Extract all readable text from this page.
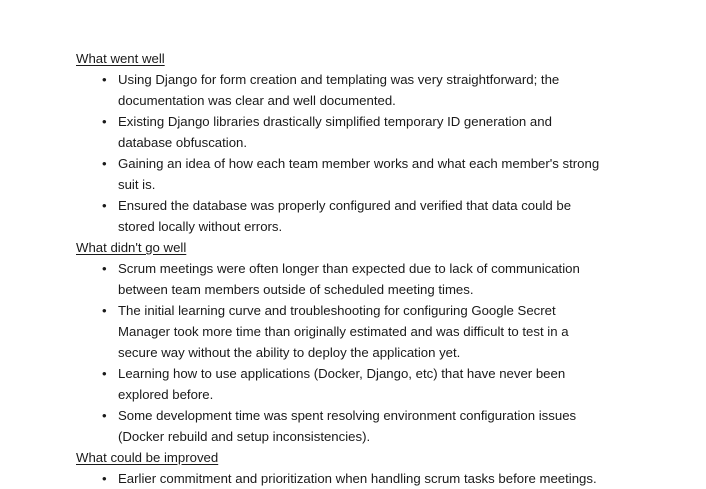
What went well
• Using Django for form creation and templating was very straightforward; the documentation was clear and well documented.
• Existing Django libraries drastically simplified temporary ID generation and database obfuscation.
• Gaining an idea of how each team member works and what each member's strong suit is.
• Ensured the database was properly configured and verified that data could be stored locally without errors.
What didn't go well
• Scrum meetings were often longer than expected due to lack of communication between team members outside of scheduled meeting times.
• The initial learning curve and troubleshooting for configuring Google Secret Manager took more time than originally estimated and was difficult to test in a secure way without the ability to deploy the application yet.
• Learning how to use applications (Docker, Django, etc) that have never been explored before.
• Some development time was spent resolving environment configuration issues (Docker rebuild and setup inconsistencies).
What could be improved
• Earlier commitment and prioritization when handling scrum tasks before meetings.
